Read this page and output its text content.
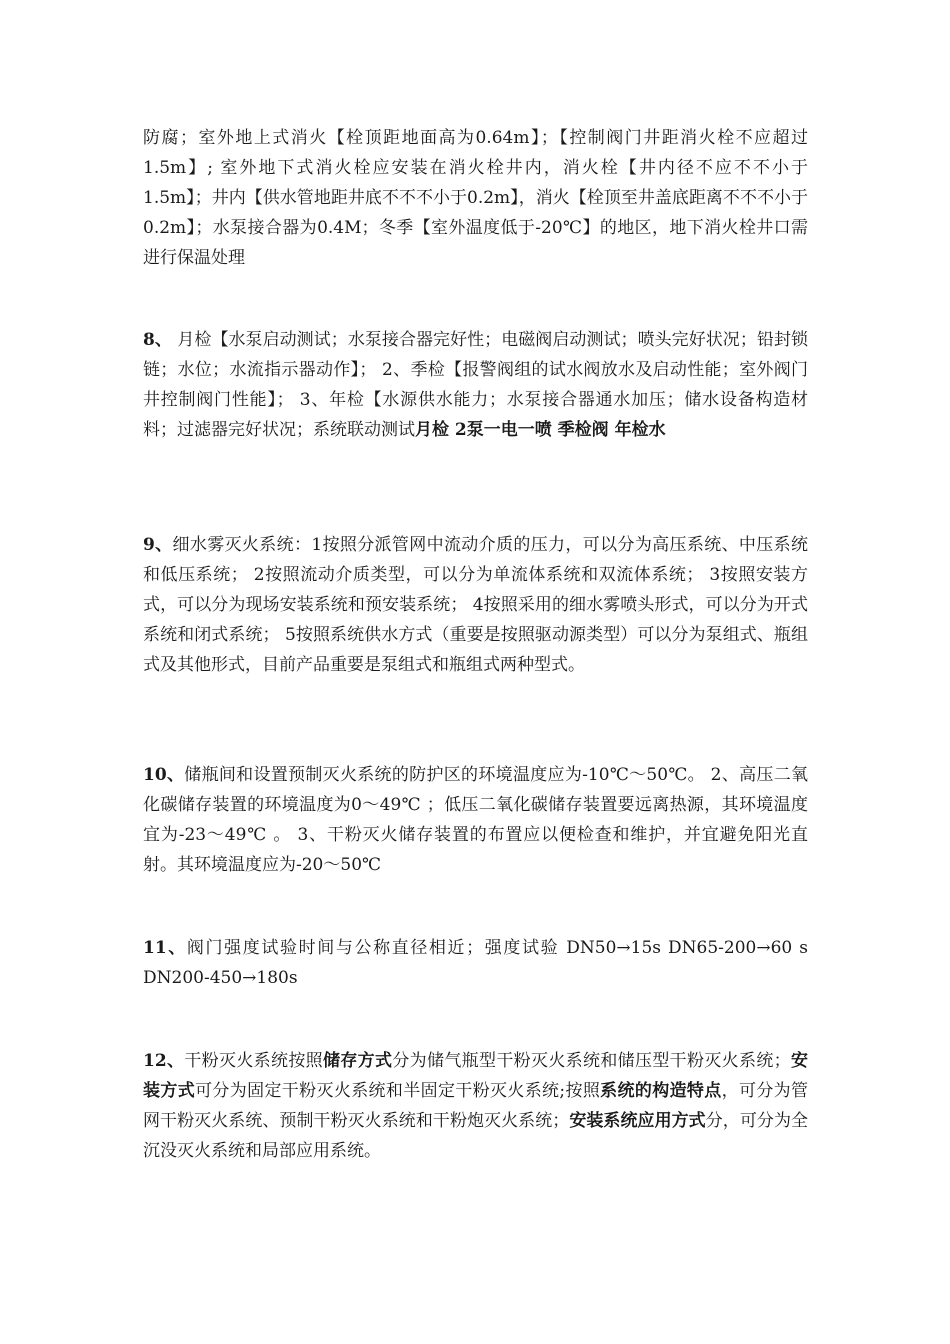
防腐；室外地上式消火【栓顶距地面高为0.64m】；【控制阀门井距消火栓不应超过1.5m】; 室外地下式消火栓应安装在消火栓井内，消火栓【井内径不应不不小于1.5m】；井内【供水管地距井底不不不小于0.2m】，消火【栓顶至井盖底距离不不不小于0.2m】；水泵接合器为0.4M；冬季【室外温度低于-20℃】的地区，地下消火栓井口需进行保温处理

8、 月检【水泵启动测试；水泵接合器完好性；电磁阀启动测试；喷头完好状况；铅封锁链；水位；水流指示器动作】； 2、季检【报警阀组的试水阀放水及启动性能；室外阀门井控制阀门性能】； 3、年检【水源供水能力；水泵接合器通水加压；储水设备构造材料；过滤器完好状况；系统联动测试月检 2泵一电一喷 季检阀 年检水

9、细水雾灭火系统：1按照分派管网中流动介质的压力，可以分为高压系统、中压系统和低压系统； 2按照流动介质类型，可以分为单流体系统和双流体系统； 3按照安装方式，可以分为现场安装系统和预安装系统； 4按照采用的细水雾喷头形式，可以分为开式系统和闭式系统； 5按照系统供水方式（重要是按照驱动源类型）可以分为泵组式、瓶组式及其他形式，目前产品重要是泵组式和瓶组式两种型式。

10、储瓶间和设置预制灭火系统的防护区的环境温度应为-10℃～50℃。 2、高压二氧化碳储存装置的环境温度为0～49℃ ；低压二氧化碳储存装置要远离热源，其环境温度宜为-23～49℃ 。 3、干粉灭火储存装置的布置应以便检查和维护，并宜避免阳光直射。其环境温度应为-20～50℃

11、阀门强度试验时间与公称直径相近；强度试验 DN50→15s DN65-200→60 s DN200-450→180s

12、干粉灭火系统按照储存方式分为储气瓶型干粉灭火系统和储压型干粉灭火系统；安装方式可分为固定干粉灭火系统和半固定干粉灭火系统;按照系统的构造特点，可分为管网干粉灭火系统、预制干粉灭火系统和干粉炮灭火系统；安装系统应用方式分，可分为全沉没灭火系统和局部应用系统。
